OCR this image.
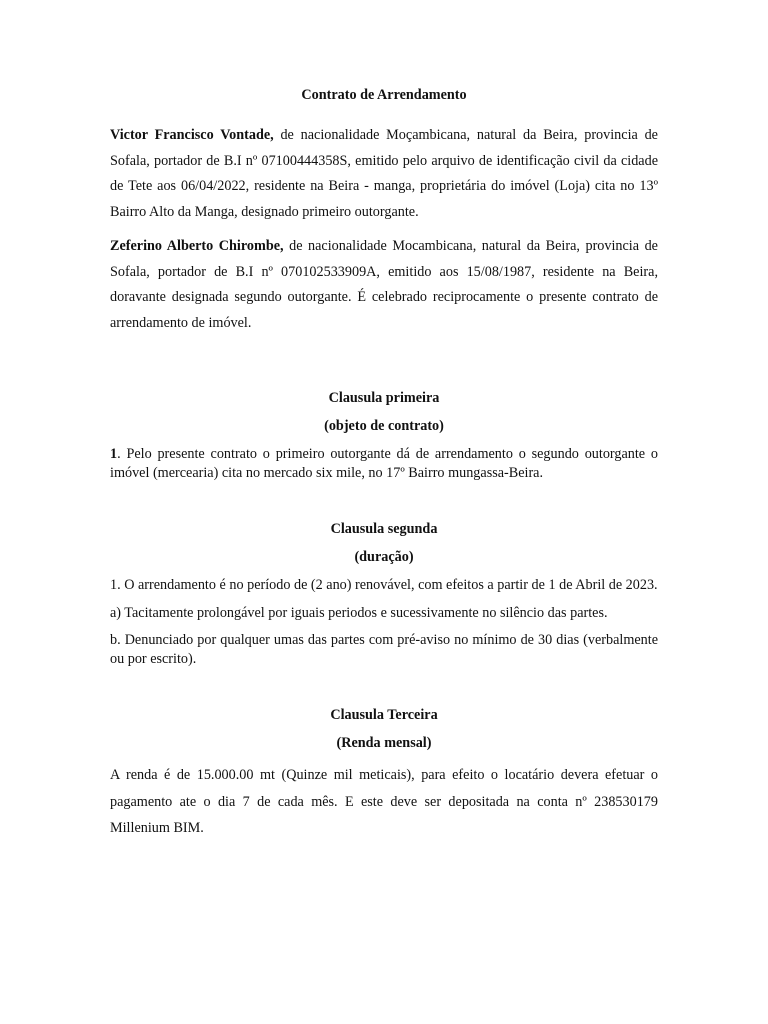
Contrato de Arrendamento

Victor Francisco Vontade, de nacionalidade Moçambicana, natural da Beira, provincia de Sofala, portador de B.I nº 07100444358S, emitido pelo arquivo de identificação civil da cidade de Tete aos 06/04/2022, residente na Beira - manga, proprietária do imóvel (Loja) cita no 13º Bairro Alto da Manga, designado primeiro outorgante.

Zeferino Alberto Chirombe, de nacionalidade Mocambicana, natural da Beira, provincia de Sofala, portador de B.I nº 070102533909A, emitido aos 15/08/1987, residente na Beira, doravante designada segundo outorgante. É celebrado reciprocamente o presente contrato de arrendamento de imóvel.

Clausula primeira
(objeto de contrato)

1. Pelo presente contrato o primeiro outorgante dá de arrendamento o segundo outorgante o imóvel (mercearia) cita no mercado six mile, no 17º Bairro mungassa-Beira.

Clausula segunda
(duração)

1. O arrendamento é no período de (2 ano) renovável, com efeitos a partir de 1 de Abril de 2023.

a) Tacitamente prolongável por iguais periodos e sucessivamente no silêncio das partes.

b. Denunciado por qualquer umas das partes com pré-aviso no mínimo de 30 dias (verbalmente ou por escrito).

Clausula Terceira
(Renda mensal)

A renda é de 15.000.00 mt (Quinze mil meticais), para efeito o locatário devera efetuar o pagamento ate o dia 7 de cada mês. E este deve ser depositada na conta nº 238530179 Millenium BIM.
